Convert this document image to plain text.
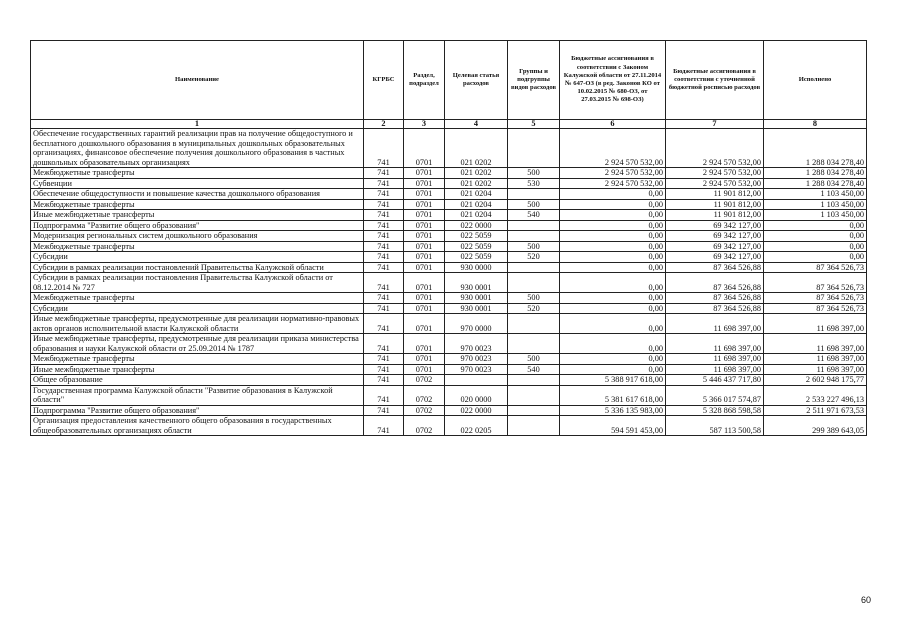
Наименование	КГРБС	Раздел, подраздел	Целевая статья расходов	Группы и подгруппы видов расходов	Бюджетные ассигнования в соответствии с Законом Калужской области от 27.11.2014 № 647-ОЗ (в ред. Законов КО от 10.02.2015 № 680-ОЗ, от 27.03.2015 № 698-ОЗ)	Бюджетные ассигнования в соответствии с уточненной бюджетной росписью расходов	Исполнено
1	2	3	4	5	6	7	8
Обеспечение государственных гарантий реализации прав на получение общедоступного и бесплатного дошкольного образования в муниципальных дошкольных образовательных организациях, финансовое обеспечение получения дошкольного образования в частных дошкольных образовательных организациях	741	0701	021 0202		2 924 570 532,00	2 924 570 532,00	1 288 034 278,40
Межбюджетные трансферты	741	0701	021 0202	500	2 924 570 532,00	2 924 570 532,00	1 288 034 278,40
Субвенции	741	0701	021 0202	530	2 924 570 532,00	2 924 570 532,00	1 288 034 278,40
Обеспечение общедоступности и повышение качества дошкольного образования	741	0701	021 0204		0,00	11 901 812,00	1 103 450,00
Межбюджетные трансферты	741	0701	021 0204	500	0,00	11 901 812,00	1 103 450,00
Иные межбюджетные трансферты	741	0701	021 0204	540	0,00	11 901 812,00	1 103 450,00
Подпрограмма "Развитие общего образования"	741	0701	022 0000		0,00	69 342 127,00	0,00
Модернизация региональных систем дошкольного образования	741	0701	022 5059		0,00	69 342 127,00	0,00
Межбюджетные трансферты	741	0701	022 5059	500	0,00	69 342 127,00	0,00
Субсидии	741	0701	022 5059	520	0,00	69 342 127,00	0,00
Субсидии в рамках реализации постановлений Правительства Калужской области	741	0701	930 0000		0,00	87 364 526,88	87 364 526,73
Субсидии в рамках реализации постановления Правительства Калужской области от 08.12.2014 № 727	741	0701	930 0001		0,00	87 364 526,88	87 364 526,73
Межбюджетные трансферты	741	0701	930 0001	500	0,00	87 364 526,88	87 364 526,73
Субсидии	741	0701	930 0001	520	0,00	87 364 526,88	87 364 526,73
Иные межбюджетные трансферты, предусмотренные для реализации нормативно-правовых актов органов исполнительной власти Калужской области	741	0701	970 0000		0,00	11 698 397,00	11 698 397,00
Иные межбюджетные трансферты, предусмотренные для реализации приказа министерства образования и науки Калужской области от 25.09.2014 № 1787	741	0701	970 0023		0,00	11 698 397,00	11 698 397,00
Межбюджетные трансферты	741	0701	970 0023	500	0,00	11 698 397,00	11 698 397,00
Иные межбюджетные трансферты	741	0701	970 0023	540	0,00	11 698 397,00	11 698 397,00
Общее образование	741	0702			5 388 917 618,00	5 446 437 717,80	2 602 948 175,77
Государственная программа Калужской области "Развитие образования в Калужской области"	741	0702	020 0000		5 381 617 618,00	5 366 017 574,87	2 533 227 496,13
Подпрограмма "Развитие общего образования"	741	0702	022 0000		5 336 135 983,00	5 328 868 598,58	2 511 971 673,53
Организация предоставления качественного общего образования в государственных общеобразовательных организациях области	741	0702	022 0205		594 591 453,00	587 113 500,58	299 389 643,05
60
